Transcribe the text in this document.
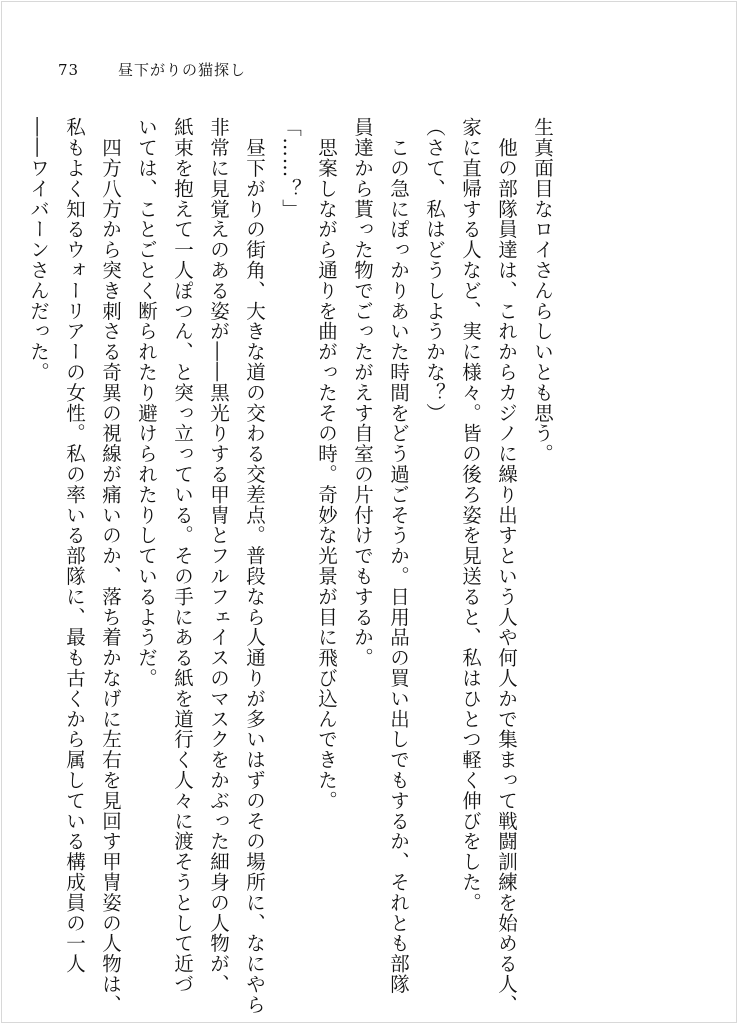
73	昼下がりの猫探し

生真面目なロイさんらしいとも思う。

　他の部隊員達は、これからカジノに繰り出すという人や何人かで集まって戦闘訓練を始める人、

家に直帰する人など、実に様々。皆の後ろ姿を見送ると、私はひとつ軽く伸びをした。

（さて、私はどうしようかな？）

　この急にぽっかりあいた時間をどう過ごそうか。日用品の買い出しでもするか、それとも部隊

員達から貰った物でごったがえす自室の片付けでもするか。

　思案しながら通りを曲がったその時。奇妙な光景が目に飛び込んできた。

「……？」

　昼下がりの街角、大きな道の交わる交差点。普段なら人通りが多いはずのその場所に、なにやら

非常に見覚えのある姿が――黒光りする甲冑とフルフェイスのマスクをかぶった細身の人物が、

紙束を抱えて一人ぽつん、と突っ立っている。その手にある紙を道行く人々に渡そうとして近づ

いては、ことごとく断られたり避けられたりしているようだ。

　四方八方から突き刺さる奇異の視線が痛いのか、落ち着かなげに左右を見回す甲冑姿の人物は、

私もよく知るウォーリアーの女性。私の率いる部隊に、最も古くから属している構成員の一人

――ワイバーンさんだった。
